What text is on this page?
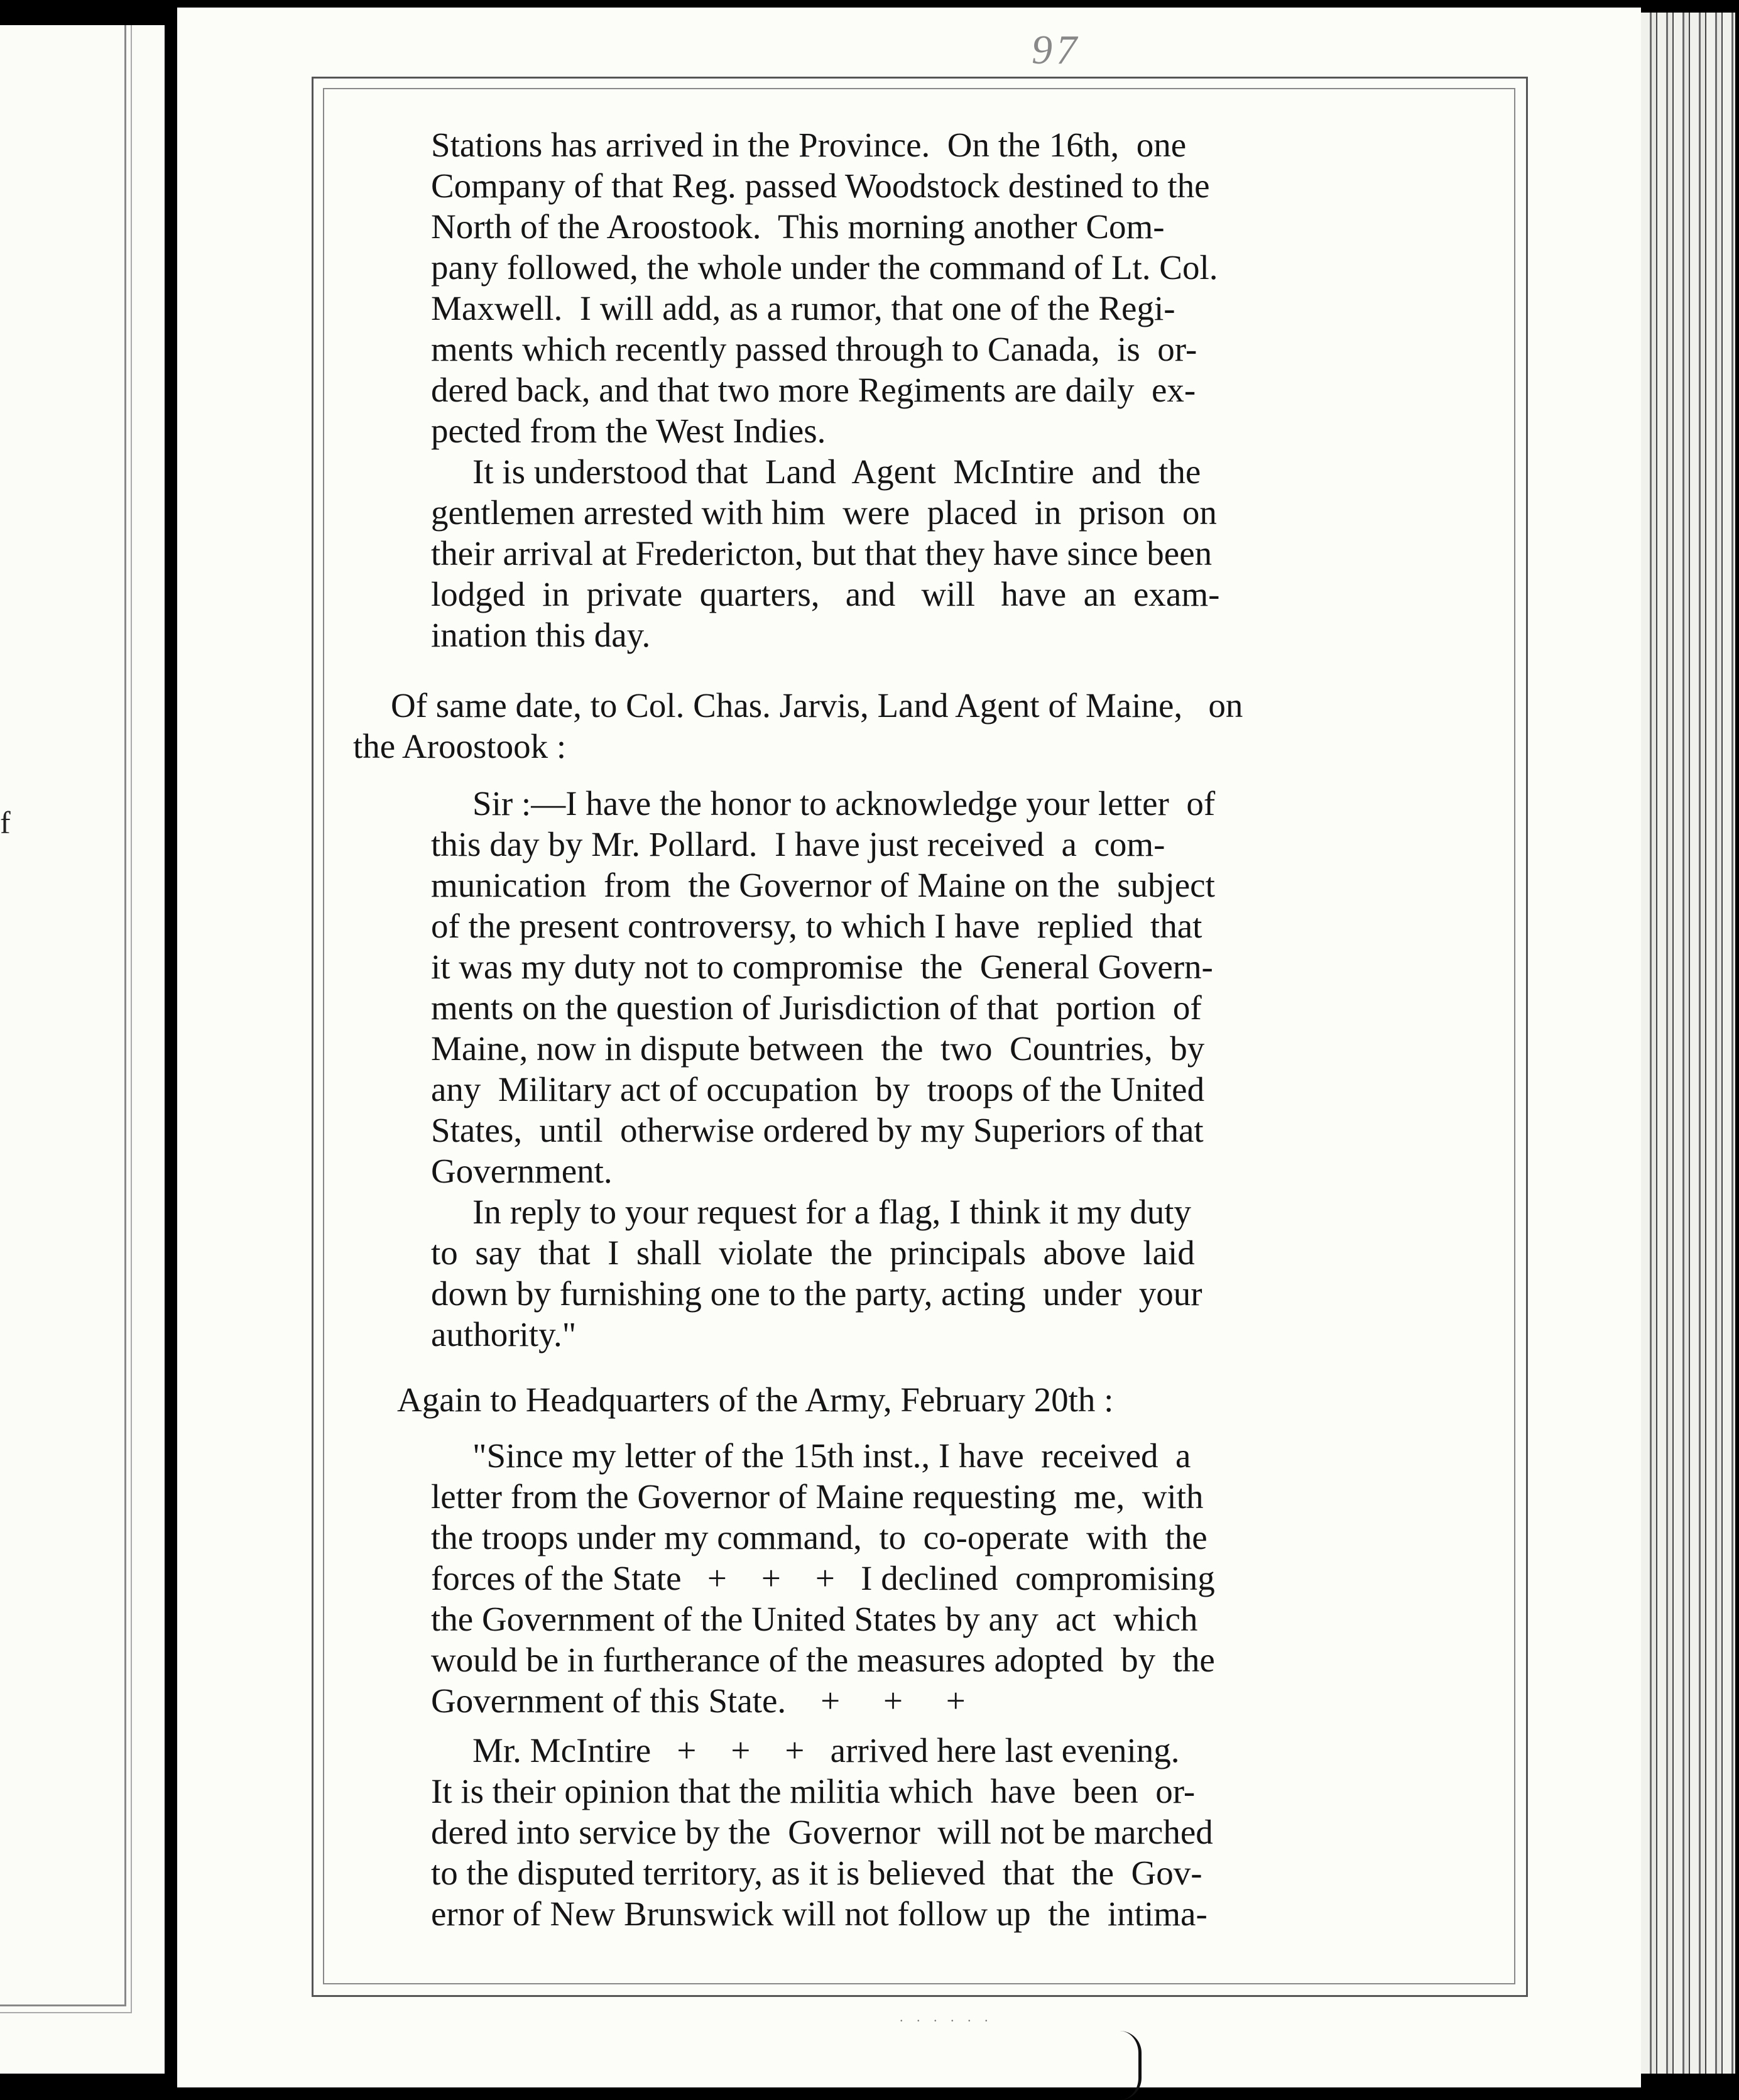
f
97
Stations has arrived in the Province.  On the 16th,  one
Company of that Reg. passed Woodstock destined to the
North of the Aroostook.  This morning another Com-
pany followed, the whole under the command of Lt. Col.
Maxwell.  I will add, as a rumor, that one of the Regi-
ments which recently passed through to Canada,  is  or-
dered back, and that two more Regiments are daily  ex-
pected from the West Indies.
It is understood that  Land  Agent  McIntire  and  the
gentlemen arrested with him  were  placed  in  prison  on
their arrival at Fredericton, but that they have since been
lodged  in  private  quarters,   and   will   have  an  exam-
ination this day.
Of same date, to Col. Chas. Jarvis, Land Agent of Maine,   on
the Aroostook :
Sir :—I have the honor to acknowledge your letter  of
this day by Mr. Pollard.  I have just received  a  com-
munication  from  the Governor of Maine on the  subject
of the present controversy, to which I have  replied  that
it was my duty not to compromise  the  General Govern-
ments on the question of Jurisdiction of that  portion  of
Maine, now in dispute between  the  two  Countries,  by
any  Military act of occupation  by  troops of the United
States,  until  otherwise ordered by my Superiors of that
Government.
In reply to your request for a flag, I think it my duty
to  say  that  I  shall  violate  the  principals  above  laid
down by furnishing one to the party, acting  under  your
authority."
Again to Headquarters of the Army, February 20th :
"Since my letter of the 15th inst., I have  received  a
letter from the Governor of Maine requesting  me,  with
the troops under my command,  to  co-operate  with  the
forces of the State   +    +    +   I declined  compromising
the Government of the United States by any  act  which
would be in furtherance of the measures adopted  by  the
Government of this State.    +     +     +
Mr. McIntire   +    +    +   arrived here last evening.
It is their opinion that the militia which  have  been  or-
dered into service by the  Governor  will not be marched
to the disputed territory, as it is believed  that  the  Gov-
ernor of New Brunswick will not follow up  the  intima-
. . . . . .
